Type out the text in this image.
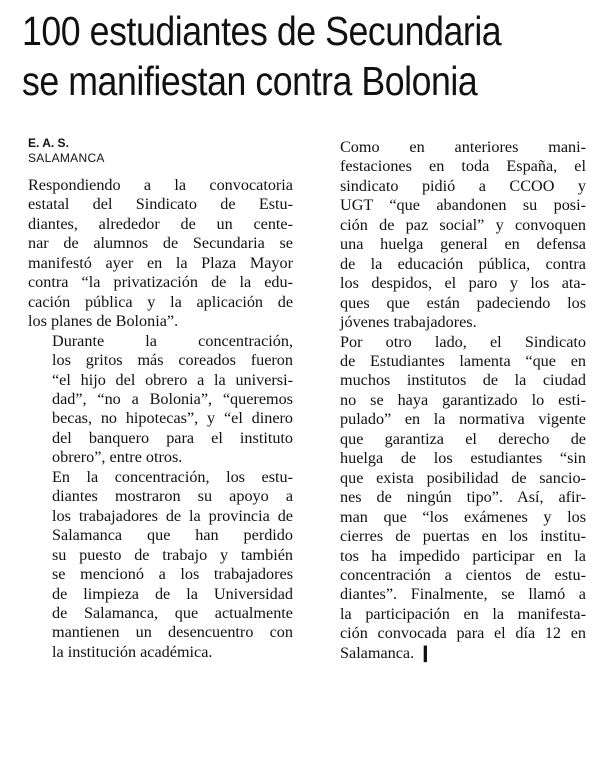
100 estudiantes de Secundaria
se manifiestan contra Bolonia
E. A. S.
SALAMANCA

Respondiendo a la convocatoria
estatal del Sindicato de Estu-
diantes, alrededor de un cente-
nar de alumnos de Secundaria se
manifestó ayer en la Plaza Mayor
contra “la privatización de la edu-
cación pública y la aplicación de
los planes de Bolonia”.

Durante la concentración,
los gritos más coreados fueron
“el hijo del obrero a la universi-
dad”, “no a Bolonia”, “queremos
becas, no hipotecas”, y “el dinero
del banquero para el instituto
obrero”, entre otros.

En la concentración, los estu-
diantes mostraron su apoyo a
los trabajadores de la provincia de
Salamanca que han perdido
su puesto de trabajo y también
se mencionó a los trabajadores
de limpieza de la Universidad
de Salamanca, que actualmente
mantienen un desencuentro con
la institución académica.

Como en anteriores mani-
festaciones en toda España, el
sindicato pidió a CCOO y
UGT “que abandonen su posi-
ción de paz social” y convoquen
una huelga general en defensa
de la educación pública, contra
los despidos, el paro y los ata-
ques que están padeciendo los
jóvenes trabajadores.

Por otro lado, el Sindicato
de Estudiantes lamenta “que en
muchos institutos de la ciudad
no se haya garantizado lo esti-
pulado” en la normativa vigente
que garantiza el derecho de
huelga de los estudiantes “sin
que exista posibilidad de sancio-
nes de ningún tipo”. Así, afir-
man que “los exámenes y los
cierres de puertas en los institu-
tos ha impedido participar en la
concentración a cientos de estu-
diantes”. Finalmente, se llamó a
la participación en la manifesta-
ción convocada para el día 12 en
Salamanca. ❙
